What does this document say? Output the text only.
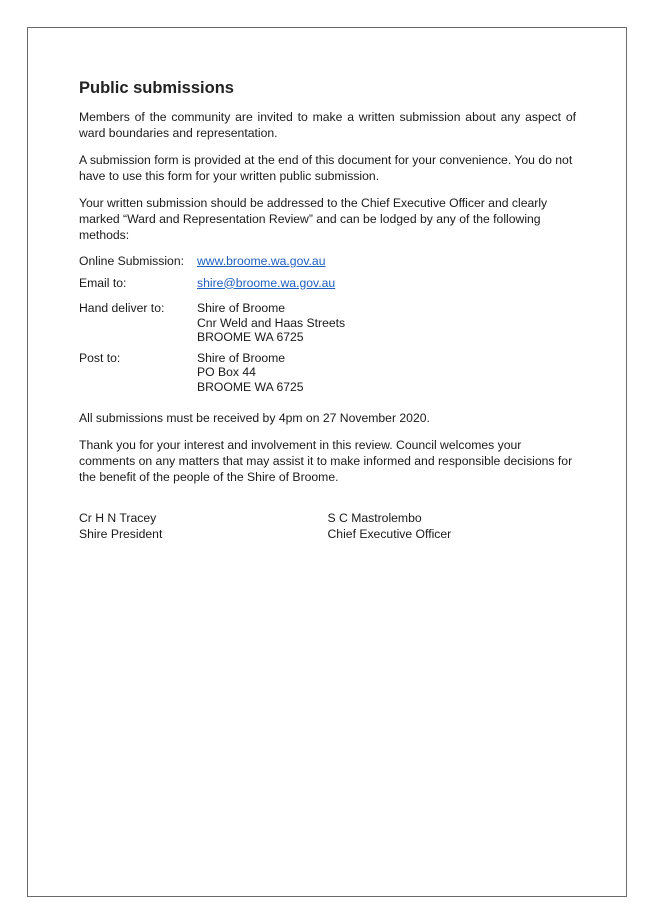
Public submissions

Members of the community are invited to make a written submission about any aspect of ward boundaries and representation.

A submission form is provided at the end of this document for your convenience. You do not have to use this form for your written public submission.

Your written submission should be addressed to the Chief Executive Officer and clearly marked “Ward and Representation Review” and can be lodged by any of the following methods:

Online Submission:	www.broome.wa.gov.au
Email to:	shire@broome.wa.gov.au
Hand deliver to:	Shire of Broome
Cnr Weld and Haas Streets
BROOME WA 6725
Post to:	Shire of Broome
PO Box 44
BROOME WA 6725

All submissions must be received by 4pm on 27 November 2020.

Thank you for your interest and involvement in this review. Council welcomes your comments on any matters that may assist it to make informed and responsible decisions for the benefit of the people of the Shire of Broome.

Cr H N Tracey
Shire President
S C Mastrolembo
Chief Executive Officer
